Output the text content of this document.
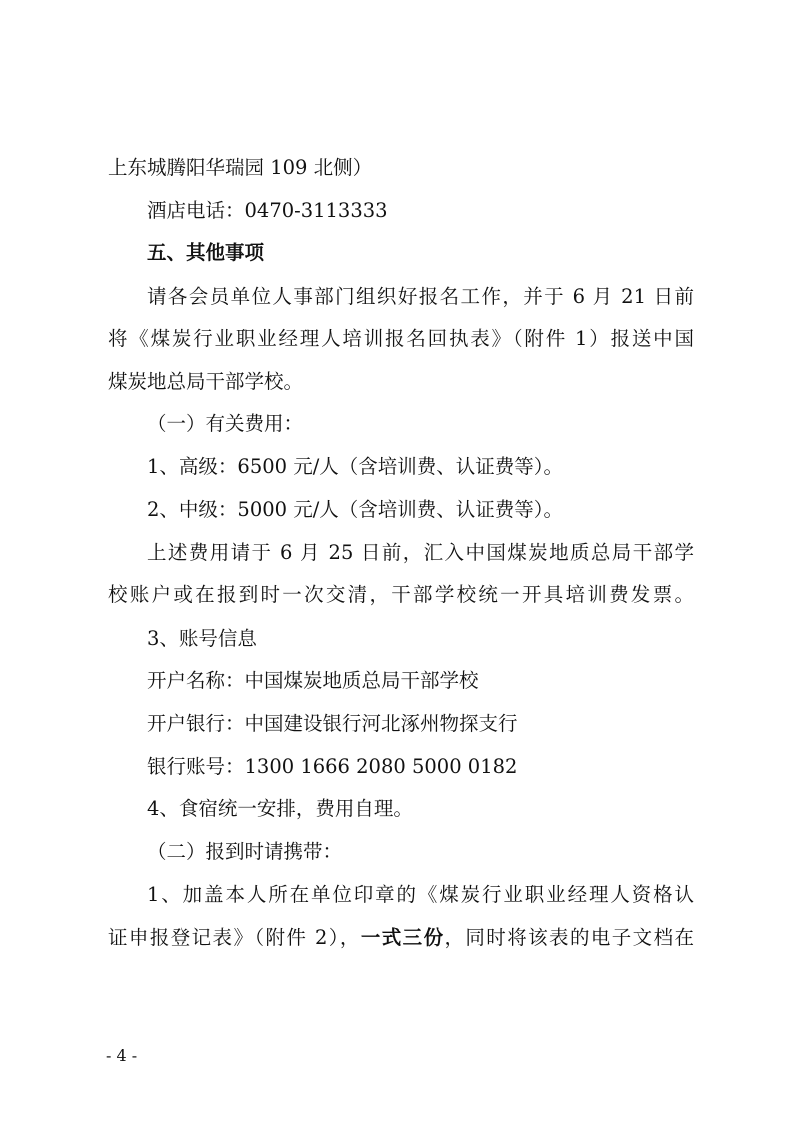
上东城腾阳华瑞园 109 北侧）
酒店电话：0470-3113333
五、其他事项
请各会员单位人事部门组织好报名工作，并于 6 月 21 日前
将《煤炭行业职业经理人培训报名回执表》（附件 1）报送中国
煤炭地总局干部学校。
（一）有关费用：
1、高级：6500 元/人（含培训费、认证费等）。
2、中级：5000 元/人（含培训费、认证费等）。
上述费用请于 6 月 25 日前，汇入中国煤炭地质总局干部学
校账户或在报到时一次交清，干部学校统一开具培训费发票。
3、账号信息
开户名称：中国煤炭地质总局干部学校
开户银行：中国建设银行河北涿州物探支行
银行账号：1300 1666 2080 5000 0182
4、食宿统一安排，费用自理。
（二）报到时请携带：
1、加盖本人所在单位印章的《煤炭行业职业经理人资格认
证申报登记表》（附件 2），一式三份，同时将该表的电子文档在
- 4 -
